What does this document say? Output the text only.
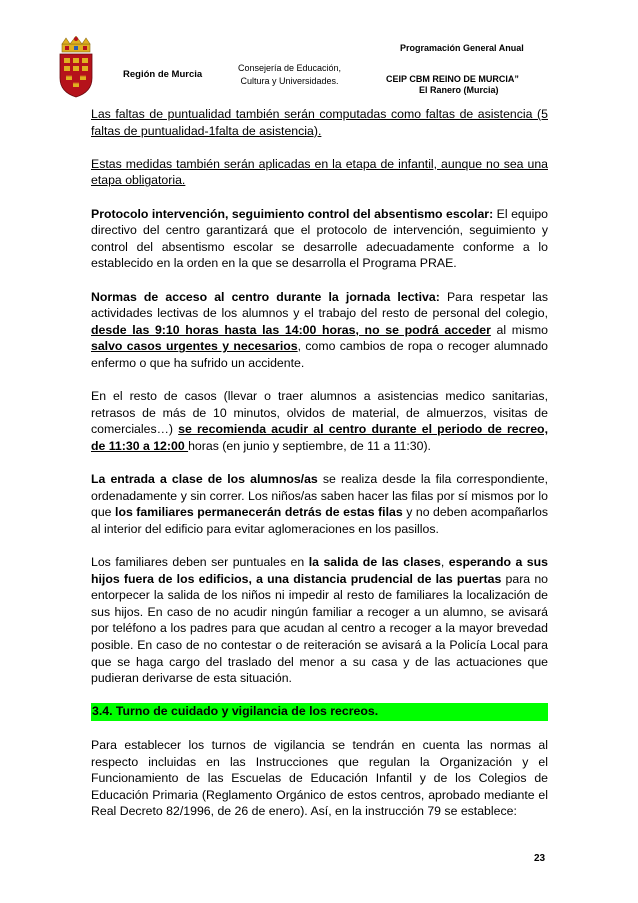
Región de Murcia
Consejería de Educación,
Cultura y Universidades.
Programación General Anual
CEIP CBM REINO DE MURCIA”
El Ranero (Murcia)

Las faltas de puntualidad también serán computadas como faltas de asistencia (5 faltas de puntualidad-1falta de asistencia).

Estas medidas también serán aplicadas en la etapa de infantil, aunque no sea una etapa obligatoria.

Protocolo intervención, seguimiento control del absentismo escolar: El equipo directivo del centro garantizará que el protocolo de intervención, seguimiento y control del absentismo escolar se desarrolle adecuadamente conforme a lo establecido en la orden en la que se desarrolla el Programa PRAE.

Normas de acceso al centro durante la jornada lectiva: Para respetar las actividades lectivas de los alumnos y el trabajo del resto de personal del colegio, desde las 9:10 horas hasta las 14:00 horas, no se podrá acceder al mismo salvo casos urgentes y necesarios, como cambios de ropa o recoger alumnado enfermo o que ha sufrido un accidente.

En el resto de casos (llevar o traer alumnos a asistencias medico sanitarias, retrasos de más de 10 minutos, olvidos de material, de almuerzos, visitas de comerciales…) se recomienda acudir al centro durante el periodo de recreo, de 11:30 a 12:00 horas (en junio y septiembre, de 11 a 11:30).

La entrada a clase de los alumnos/as se realiza desde la fila correspondiente, ordenadamente y sin correr. Los niños/as saben hacer las filas por sí mismos por lo que los familiares permanecerán detrás de estas filas y no deben acompañarlos al interior del edificio para evitar aglomeraciones en los pasillos.

Los familiares deben ser puntuales en la salida de las clases, esperando a sus hijos fuera de los edificios, a una distancia prudencial de las puertas para no entorpecer la salida de los niños ni impedir al resto de familiares la localización de sus hijos. En caso de no acudir ningún familiar a recoger a un alumno, se avisará por teléfono a los padres para que acudan al centro a recoger a la mayor brevedad posible. En caso de no contestar o de reiteración se avisará a la Policía Local para que se haga cargo del traslado del menor a su casa y de las actuaciones que pudieran derivarse de esta situación.

3.4. Turno de cuidado y vigilancia de los recreos.

Para establecer los turnos de vigilancia se tendrán en cuenta las normas al respecto incluidas en las Instrucciones que regulan la Organización y el Funcionamiento de las Escuelas de Educación Infantil y de los Colegios de Educación Primaria (Reglamento Orgánico de estos centros, aprobado mediante el Real Decreto 82/1996, de 26 de enero). Así, en la instrucción 79 se establece:

23
